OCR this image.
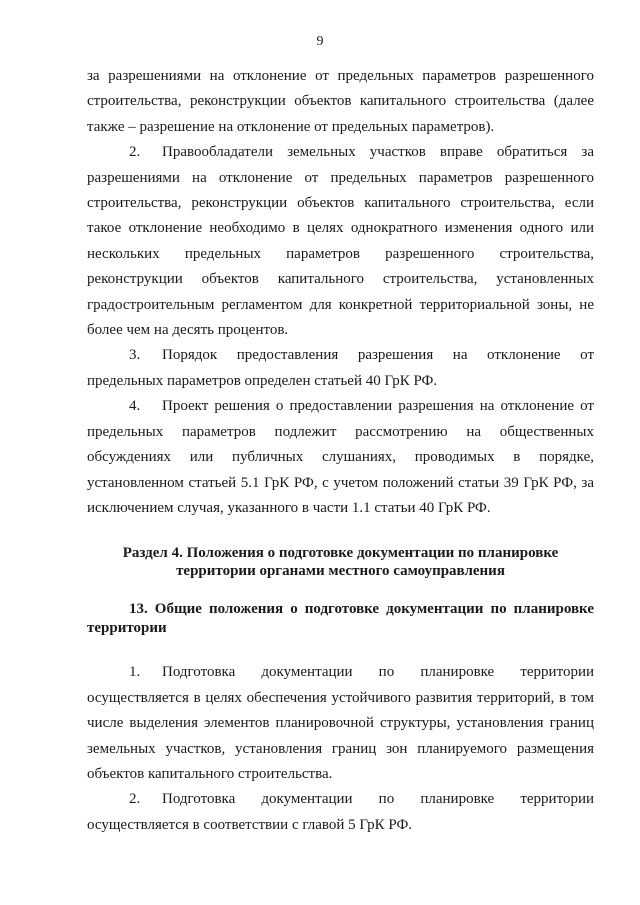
9

за разрешениями на отклонение от предельных параметров разрешенного строительства, реконструкции объектов капитального строительства (далее также – разрешение на отклонение от предельных параметров).

2. Правообладатели земельных участков вправе обратиться за разрешениями на отклонение от предельных параметров разрешенного строительства, реконструкции объектов капитального строительства, если такое отклонение необходимо в целях однократного изменения одного или нескольких предельных параметров разрешенного строительства, реконструкции объектов капитального строительства, установленных градостроительным регламентом для конкретной территориальной зоны, не более чем на десять процентов.

3. Порядок предоставления разрешения на отклонение от предельных параметров определен статьей 40 ГрК РФ.

4. Проект решения о предоставлении разрешения на отклонение от предельных параметров подлежит рассмотрению на общественных обсуждениях или публичных слушаниях, проводимых в порядке, установленном статьей 5.1 ГрК РФ, с учетом положений статьи 39 ГрК РФ, за исключением случая, указанного в части 1.1 статьи 40 ГрК РФ.

Раздел 4. Положения о подготовке документации по планировке территории органами местного самоуправления
13. Общие положения о подготовке документации по планировке территории

1. Подготовка документации по планировке территории осуществляется в целях обеспечения устойчивого развития территорий, в том числе выделения элементов планировочной структуры, установления границ земельных участков, установления границ зон планируемого размещения объектов капитального строительства.

2. Подготовка документации по планировке территории осуществляется в соответствии с главой 5 ГрК РФ.
